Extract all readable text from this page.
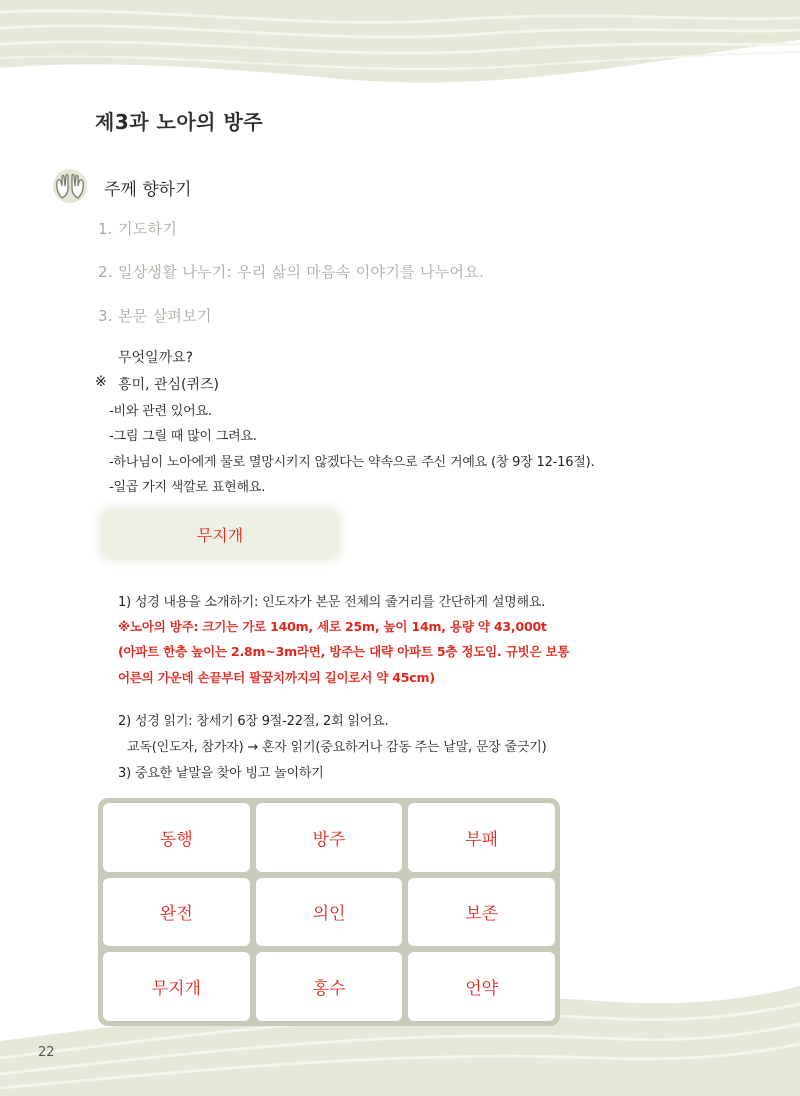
제3과 노아의 방주
주께 향하기
1. 기도하기
2. 일상생활 나누기: 우리 삶의 마음속 이야기를 나누어요.
3. 본문 살펴보기
무엇일까요?
※ 흥미, 관심(퀴즈)
-비와 관련 있어요.
-그림 그릴 때 많이 그려요.
-하나님이 노아에게 물로 멸망시키지 않겠다는 약속으로 주신 거예요 (창 9장 12-16절).
-일곱 가지 색깔로 표현해요.
무지개
1) 성경 내용을 소개하기: 인도자가 본문 전체의 줄거리를 간단하게 설명해요.
※노아의 방주: 크기는 가로 140m, 세로 25m, 높이 14m, 용량 약 43,000t
(아파트 한층 높이는 2.8m~3m라면, 방주는 대략 아파트 5층 정도임. 규빗은 보통
어른의 가운데 손끝부터 팔꿈치까지의 길이로서 약 45cm)
2) 성경 읽기: 창세기 6장 9절-22절, 2회 읽어요.
교독(인도자, 참가자) → 혼자 읽기(중요하거나 감동 주는 낱말, 문장 줄긋기)
3) 중요한 낱말을 찾아 빙고 놀이하기
동행	방주	부패
완전	의인	보존
무지개	홍수	언약
22
